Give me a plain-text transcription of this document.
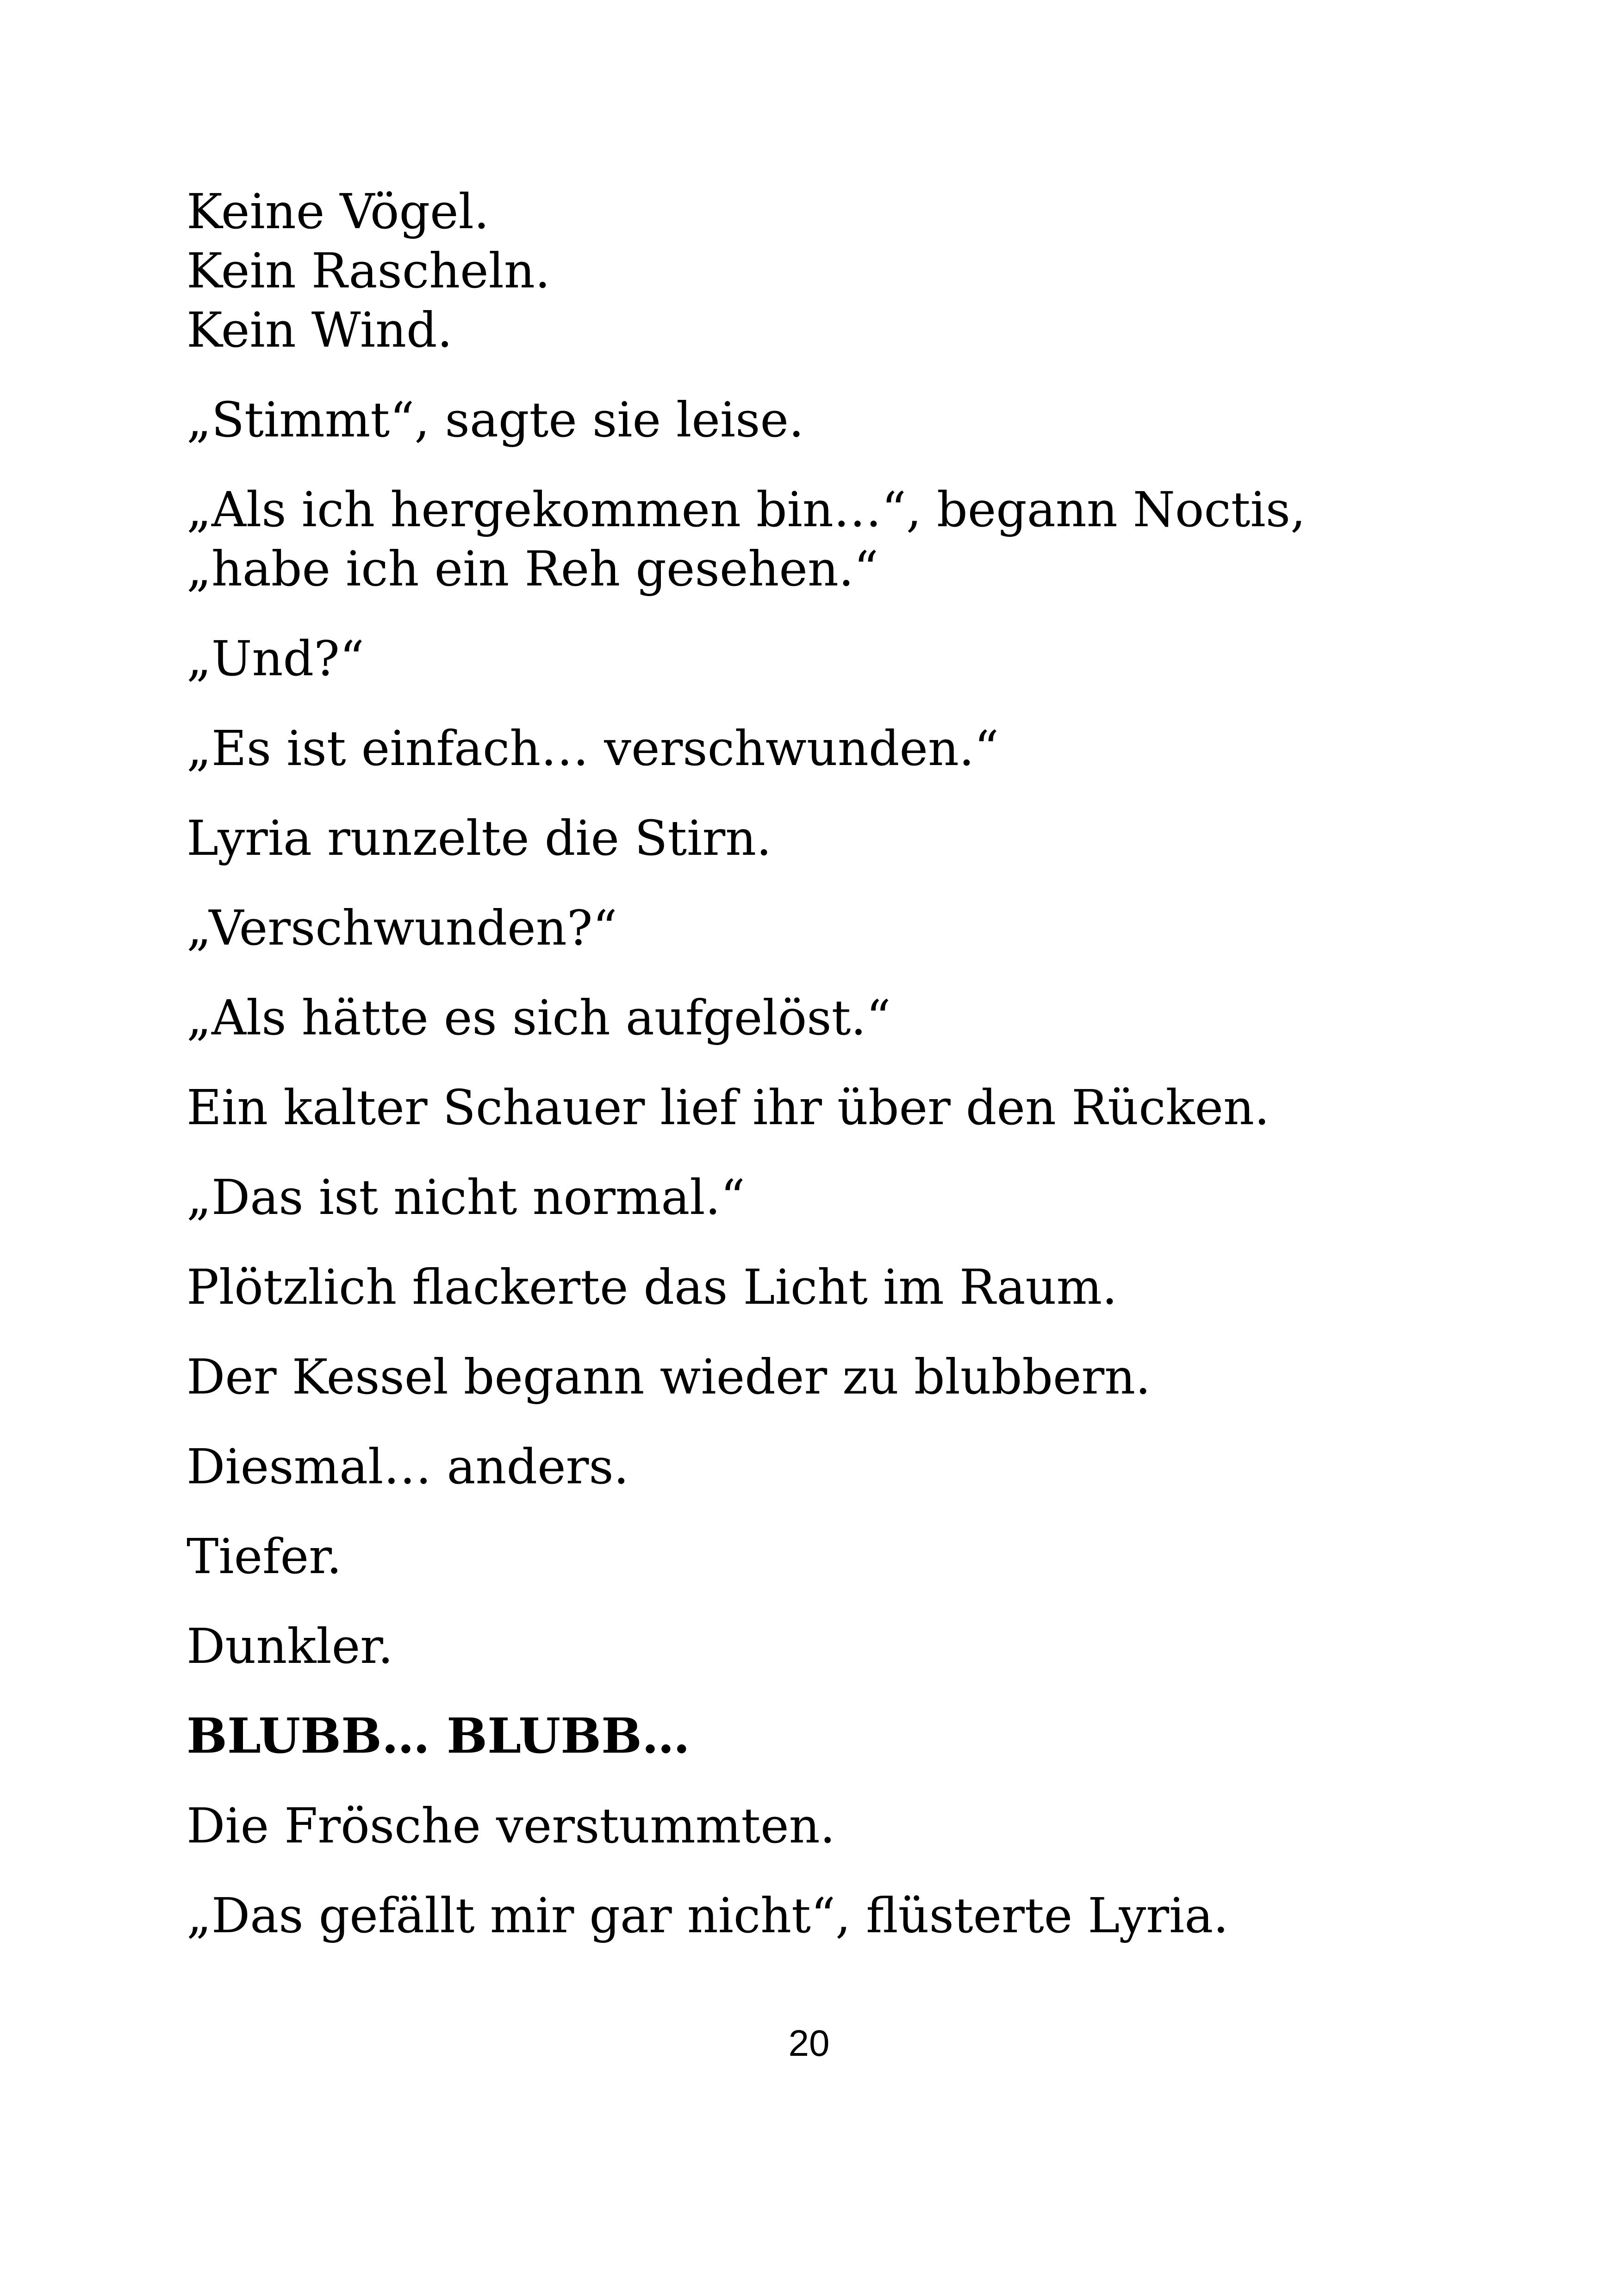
Keine Vögel.

Kein Rascheln.

Kein Wind.

„Stimmt“, sagte sie leise.

„Als ich hergekommen bin…“, begann Noctis, „habe ich ein Reh gesehen.“

„Und?“

„Es ist einfach… verschwunden.“

Lyria runzelte die Stirn.

„Verschwunden?“

„Als hätte es sich aufgelöst.“

Ein kalter Schauer lief ihr über den Rücken.

„Das ist nicht normal.“

Plötzlich flackerte das Licht im Raum.

Der Kessel begann wieder zu blubbern.

Diesmal… anders.

Tiefer.

Dunkler.

BLUBB… BLUBB…

Die Frösche verstummten.

„Das gefällt mir gar nicht“, flüsterte Lyria.

20
